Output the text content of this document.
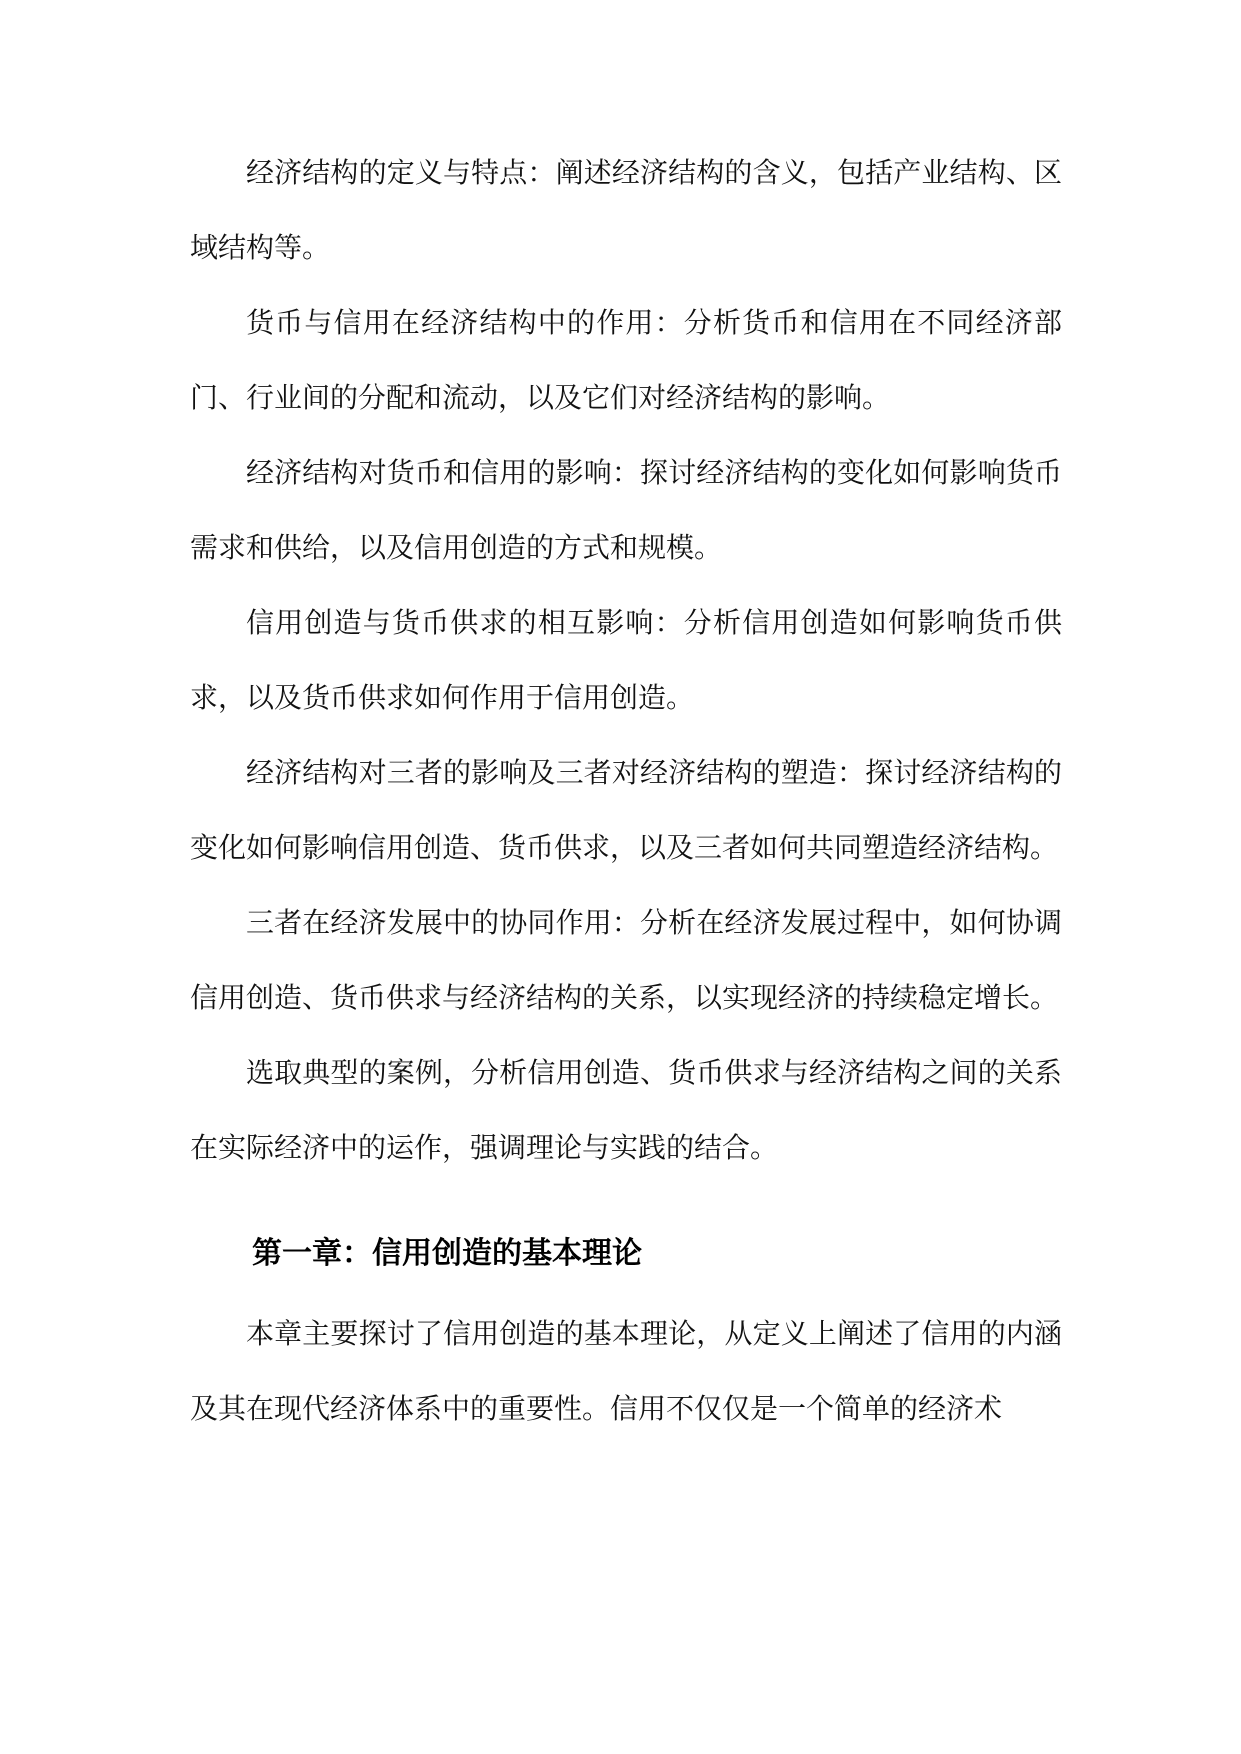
经济结构的定义与特点：阐述经济结构的含义，包括产业结构、区域结构等。

货币与信用在经济结构中的作用：分析货币和信用在不同经济部门、行业间的分配和流动，以及它们对经济结构的影响。

经济结构对货币和信用的影响：探讨经济结构的变化如何影响货币需求和供给，以及信用创造的方式和规模。

信用创造与货币供求的相互影响：分析信用创造如何影响货币供求，以及货币供求如何作用于信用创造。

经济结构对三者的影响及三者对经济结构的塑造：探讨经济结构的变化如何影响信用创造、货币供求，以及三者如何共同塑造经济结构。

三者在经济发展中的协同作用：分析在经济发展过程中，如何协调信用创造、货币供求与经济结构的关系，以实现经济的持续稳定增长。

选取典型的案例，分析信用创造、货币供求与经济结构之间的关系在实际经济中的运作，强调理论与实践的结合。

第一章：信用创造的基本理论

本章主要探讨了信用创造的基本理论，从定义上阐述了信用的内涵及其在现代经济体系中的重要性。信用不仅仅是一个简单的经济术
